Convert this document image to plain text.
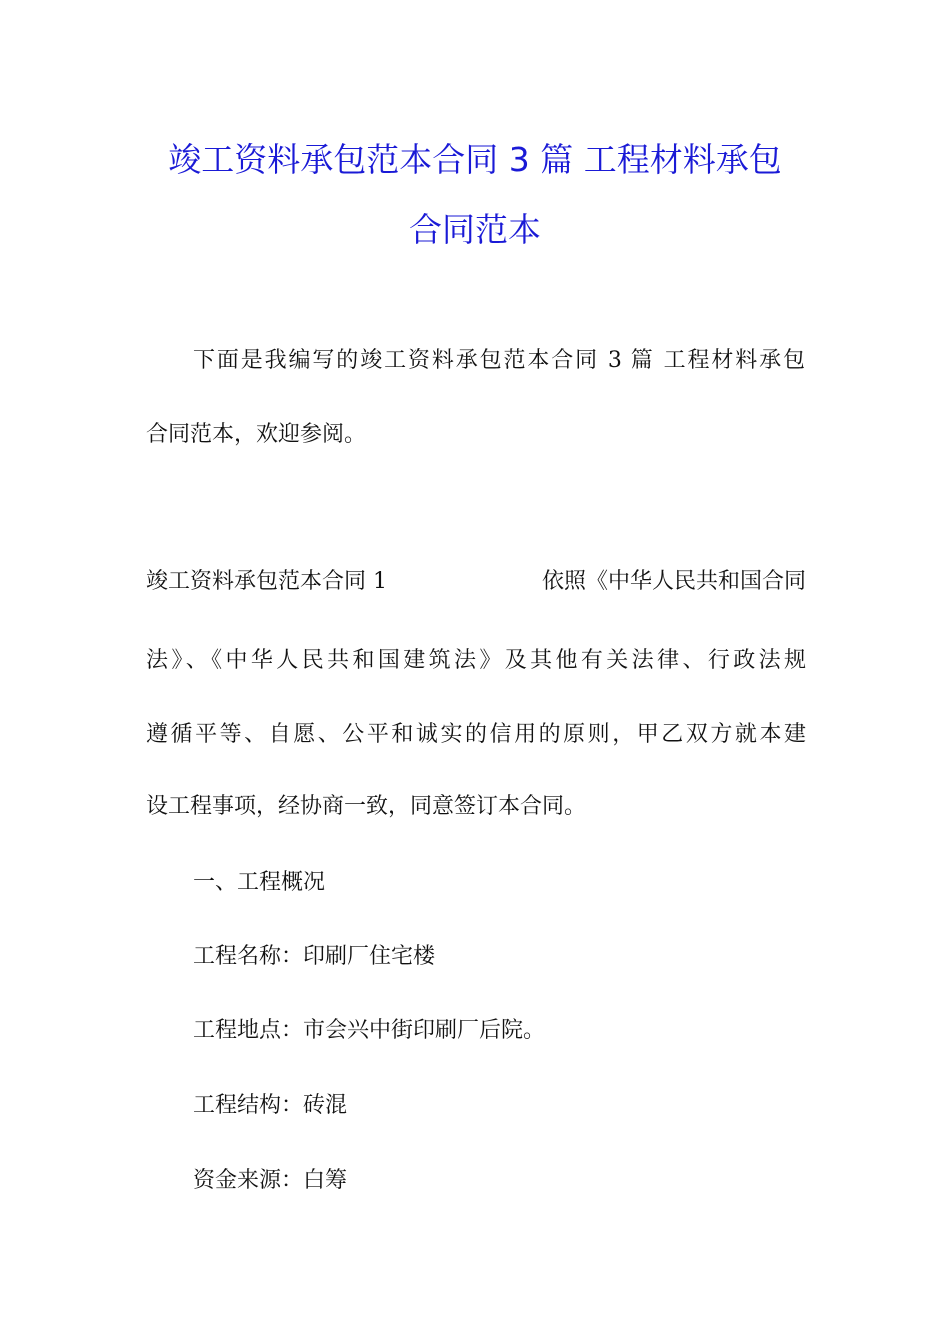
竣工资料承包范本合同 3 篇 工程材料承包
合同范本
下面是我编写的竣工资料承包范本合同 3 篇 工程材料承包
合同范本，欢迎参阅。
竣工资料承包范本合同 1	依照《中华人民共和国合同
法》、《中华人民共和国建筑法》及其他有关法律、行政法规
遵循平等、自愿、公平和诚实的信用的原则，甲乙双方就本建
设工程事项，经协商一致，同意签订本合同。
一、工程概况
工程名称：印刷厂住宅楼
工程地点：市会兴中街印刷厂后院。
工程结构：砖混
资金来源：白筹
